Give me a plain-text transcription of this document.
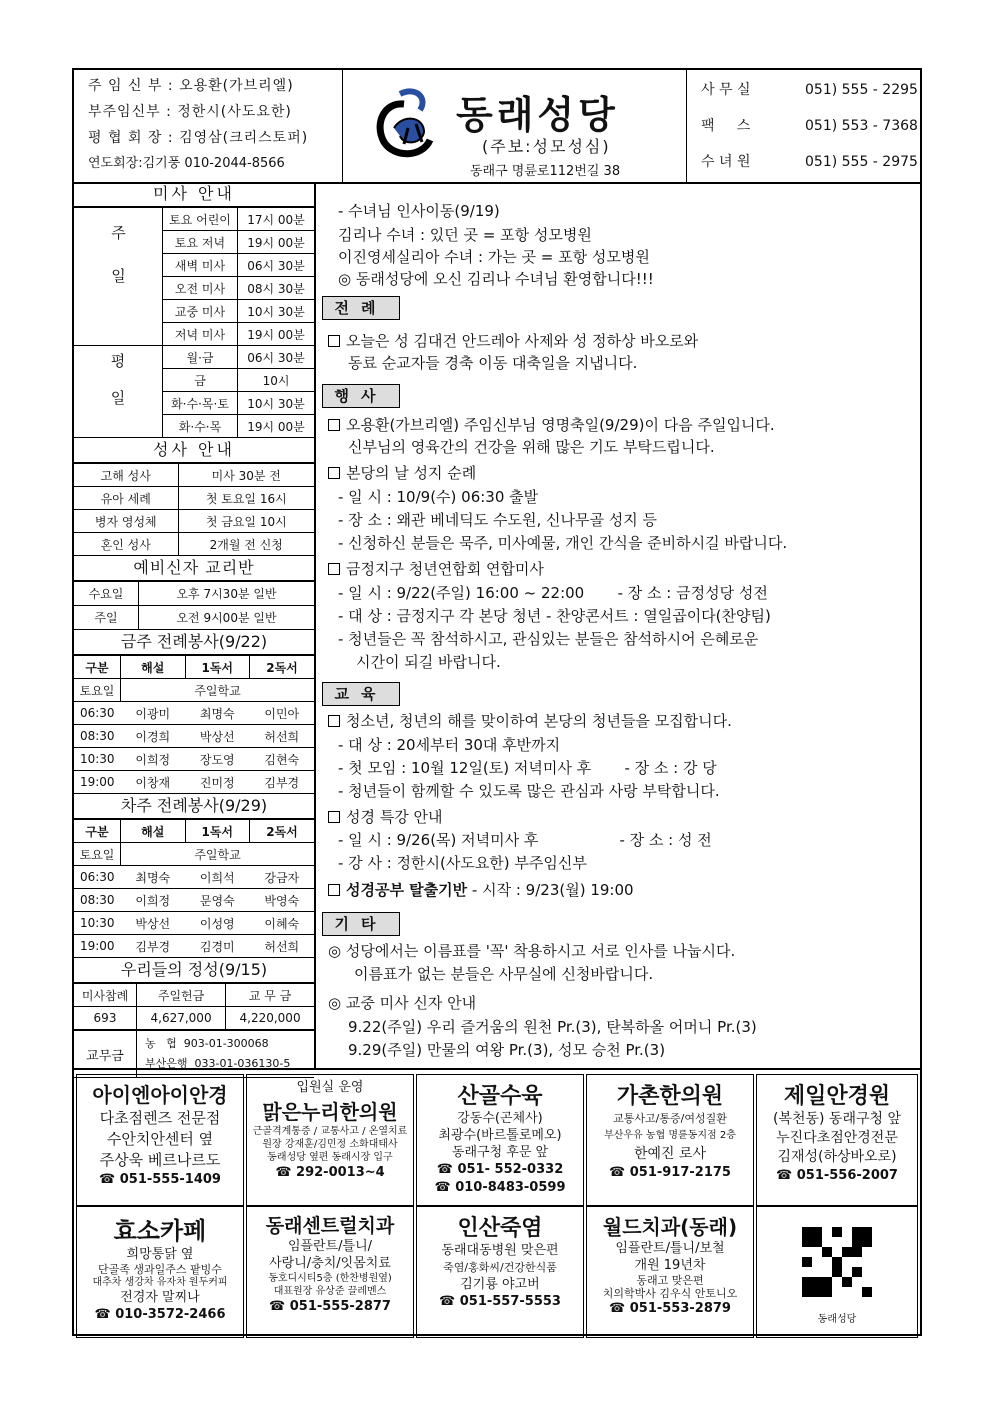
주 임 신 부 : 오용환(가브리엘)
부주임신부 : 정한시(사도요한)
평 협 회 장 : 김영삼(크리스토퍼)
연도회장:김기풍 010-2044-8566
동래성당
(주보:성모성심)
동래구 명륜로112번길 38
사 무 실	051) 555 - 2295
팩     스	051) 553 - 7368
수 녀 원	051) 555 - 2975
미사 안내
주일	토요 어린이	17시 00분
	토요 저녁	19시 00분
	새벽 미사	06시 30분
	오전 미사	08시 30분
	교중 미사	10시 30분
	저녁 미사	19시 00분
평일	월·금	06시 30분
	금	10시
	화·수·목·토	10시 30분
	화·수·목	19시 00분
성사 안내
고해 성사	미사 30분 전
유아 세례	첫 토요일 16시
병자 영성체	첫 금요일 10시
혼인 성사	2개월 전 신청
예비신자 교리반
수요일	오후 7시30분 일반
주일	오전 9시00분 일반
금주 전례봉사(9/22)
구분	해설	1독서	2독서
토요일	주일학교		
06:30	이광미	최명숙	이민아
08:30	이경희	박상선	허선희
10:30	이희정	장도영	김현숙
19:00	이창재	진미정	김부경
차주 전례봉사(9/29)
구분	해설	1독서	2독서
토요일	주일학교		
06:30	최명숙	이희석	강금자
08:30	이희정	문영숙	박영숙
10:30	박상선	이성영	이혜숙
19:00	김부경	김경미	허선희
우리들의 정성(9/15)
미사참례	주일헌금	교 무 금
693	4,627,000	4,220,000
교무금	
농   협  903-01-300068
부산은행  033-01-036130-5
- 수녀님 인사이동(9/19)
김리나 수녀 : 있던 곳 = 포항 성모병원
이진영세실리아 수녀 : 가는 곳 = 포항 성모병원
◎ 동래성당에 오신 김리나 수녀님 환영합니다!!!
전례
오늘은 성 김대건 안드레아 사제와 성 정하상 바오로와
동료 순교자들 경축 이동 대축일을 지냅니다.
행사
오용환(가브리엘) 주임신부님 영명축일(9/29)이 다음 주일입니다.
신부님의 영육간의 건강을 위해 많은 기도 부탁드립니다.
본당의 날 성지 순례
- 일 시 : 10/9(수) 06:30 출발
- 장 소 : 왜관 베네딕도 수도원, 신나무골 성지 등
- 신청하신 분들은 묵주, 미사예물, 개인 간식을 준비하시길 바랍니다.
금정지구 청년연합회 연합미사
- 일 시 : 9/22(주일) 16:00 ~ 22:00       - 장 소 : 금정성당 성전
- 대 상 : 금정지구 각 본당 청년 - 찬양콘서트 : 열일곱이다(찬양팀)
- 청년들은 꼭 참석하시고, 관심있는 분들은 참석하시어 은혜로운
시간이 되길 바랍니다.
교육
청소년, 청년의 해를 맞이하여 본당의 청년들을 모집합니다.
- 대 상 : 20세부터 30대 후반까지
- 첫 모임 : 10월 12일(토) 저녁미사 후       - 장 소 : 강 당
- 청년들이 함께할 수 있도록 많은 관심과 사랑 부탁합니다.
성경 특강 안내
- 일 시 : 9/26(목) 저녁미사 후                 - 장 소 : 성 전
- 강 사 : 정한시(사도요한) 부주임신부
성경공부 탈출기반 - 시작 : 9/23(월) 19:00
기타
◎ 성당에서는 이름표를 '꼭' 착용하시고 서로 인사를 나눕시다.
이름표가 없는 분들은 사무실에 신청바랍니다.
◎ 교중 미사 신자 안내
9.22(주일) 우리 즐거움의 원천 Pr.(3), 탄복하올 어머니 Pr.(3)
9.29(주일) 만물의 여왕 Pr.(3), 성모 승천 Pr.(3)
아이엔아이안경
다초점렌즈 전문점
수안치안센터 옆
주상욱 베르나르도
☎ 051-555-1409
입원실 운영
맑은누리한의원
근골격계통증 / 교통사고 / 온열치료
원장 강재훈/김민정 소화대태사
동래성당 옆편 동래시장 입구
☎ 292-0013~4
산골수육
강동수(곤체사)
최광수(바르톨로메오)
동래구청 후문 앞
☎ 051- 552-0332
☎ 010-8483-0599
가촌한의원
교통사고/통증/여성질환
부산우유 농협 명륜동지점 2층
한예진 로사
☎ 051-917-2175
제일안경원
(복천동) 동래구청 앞
누진다초점안경전문
김재성(하상바오로)
☎ 051-556-2007
효소카페
희망통닭 옆
단골족 생과일주스 팥빙수
대추차 생강차 유자차 원두커피
전경자 말찌나
☎ 010-3572-2466
동래센트럴치과
임플란트/틀니/
사랑니/충치/잇몸치료
동호디시티5층 (한찬병원옆)
대표원장 유상준 끌레멘스
☎ 051-555-2877
인산죽염
동래대동병원 맞은편
죽염/홍화씨/건강한식품
김기룡 야고버
☎ 051-557-5553
월드치과(동래)
임플란트/틀니/보철
개원 19년차
동래고 맞은편
치의학박사 김우식 안토니오
☎ 051-553-2879
동래성당
